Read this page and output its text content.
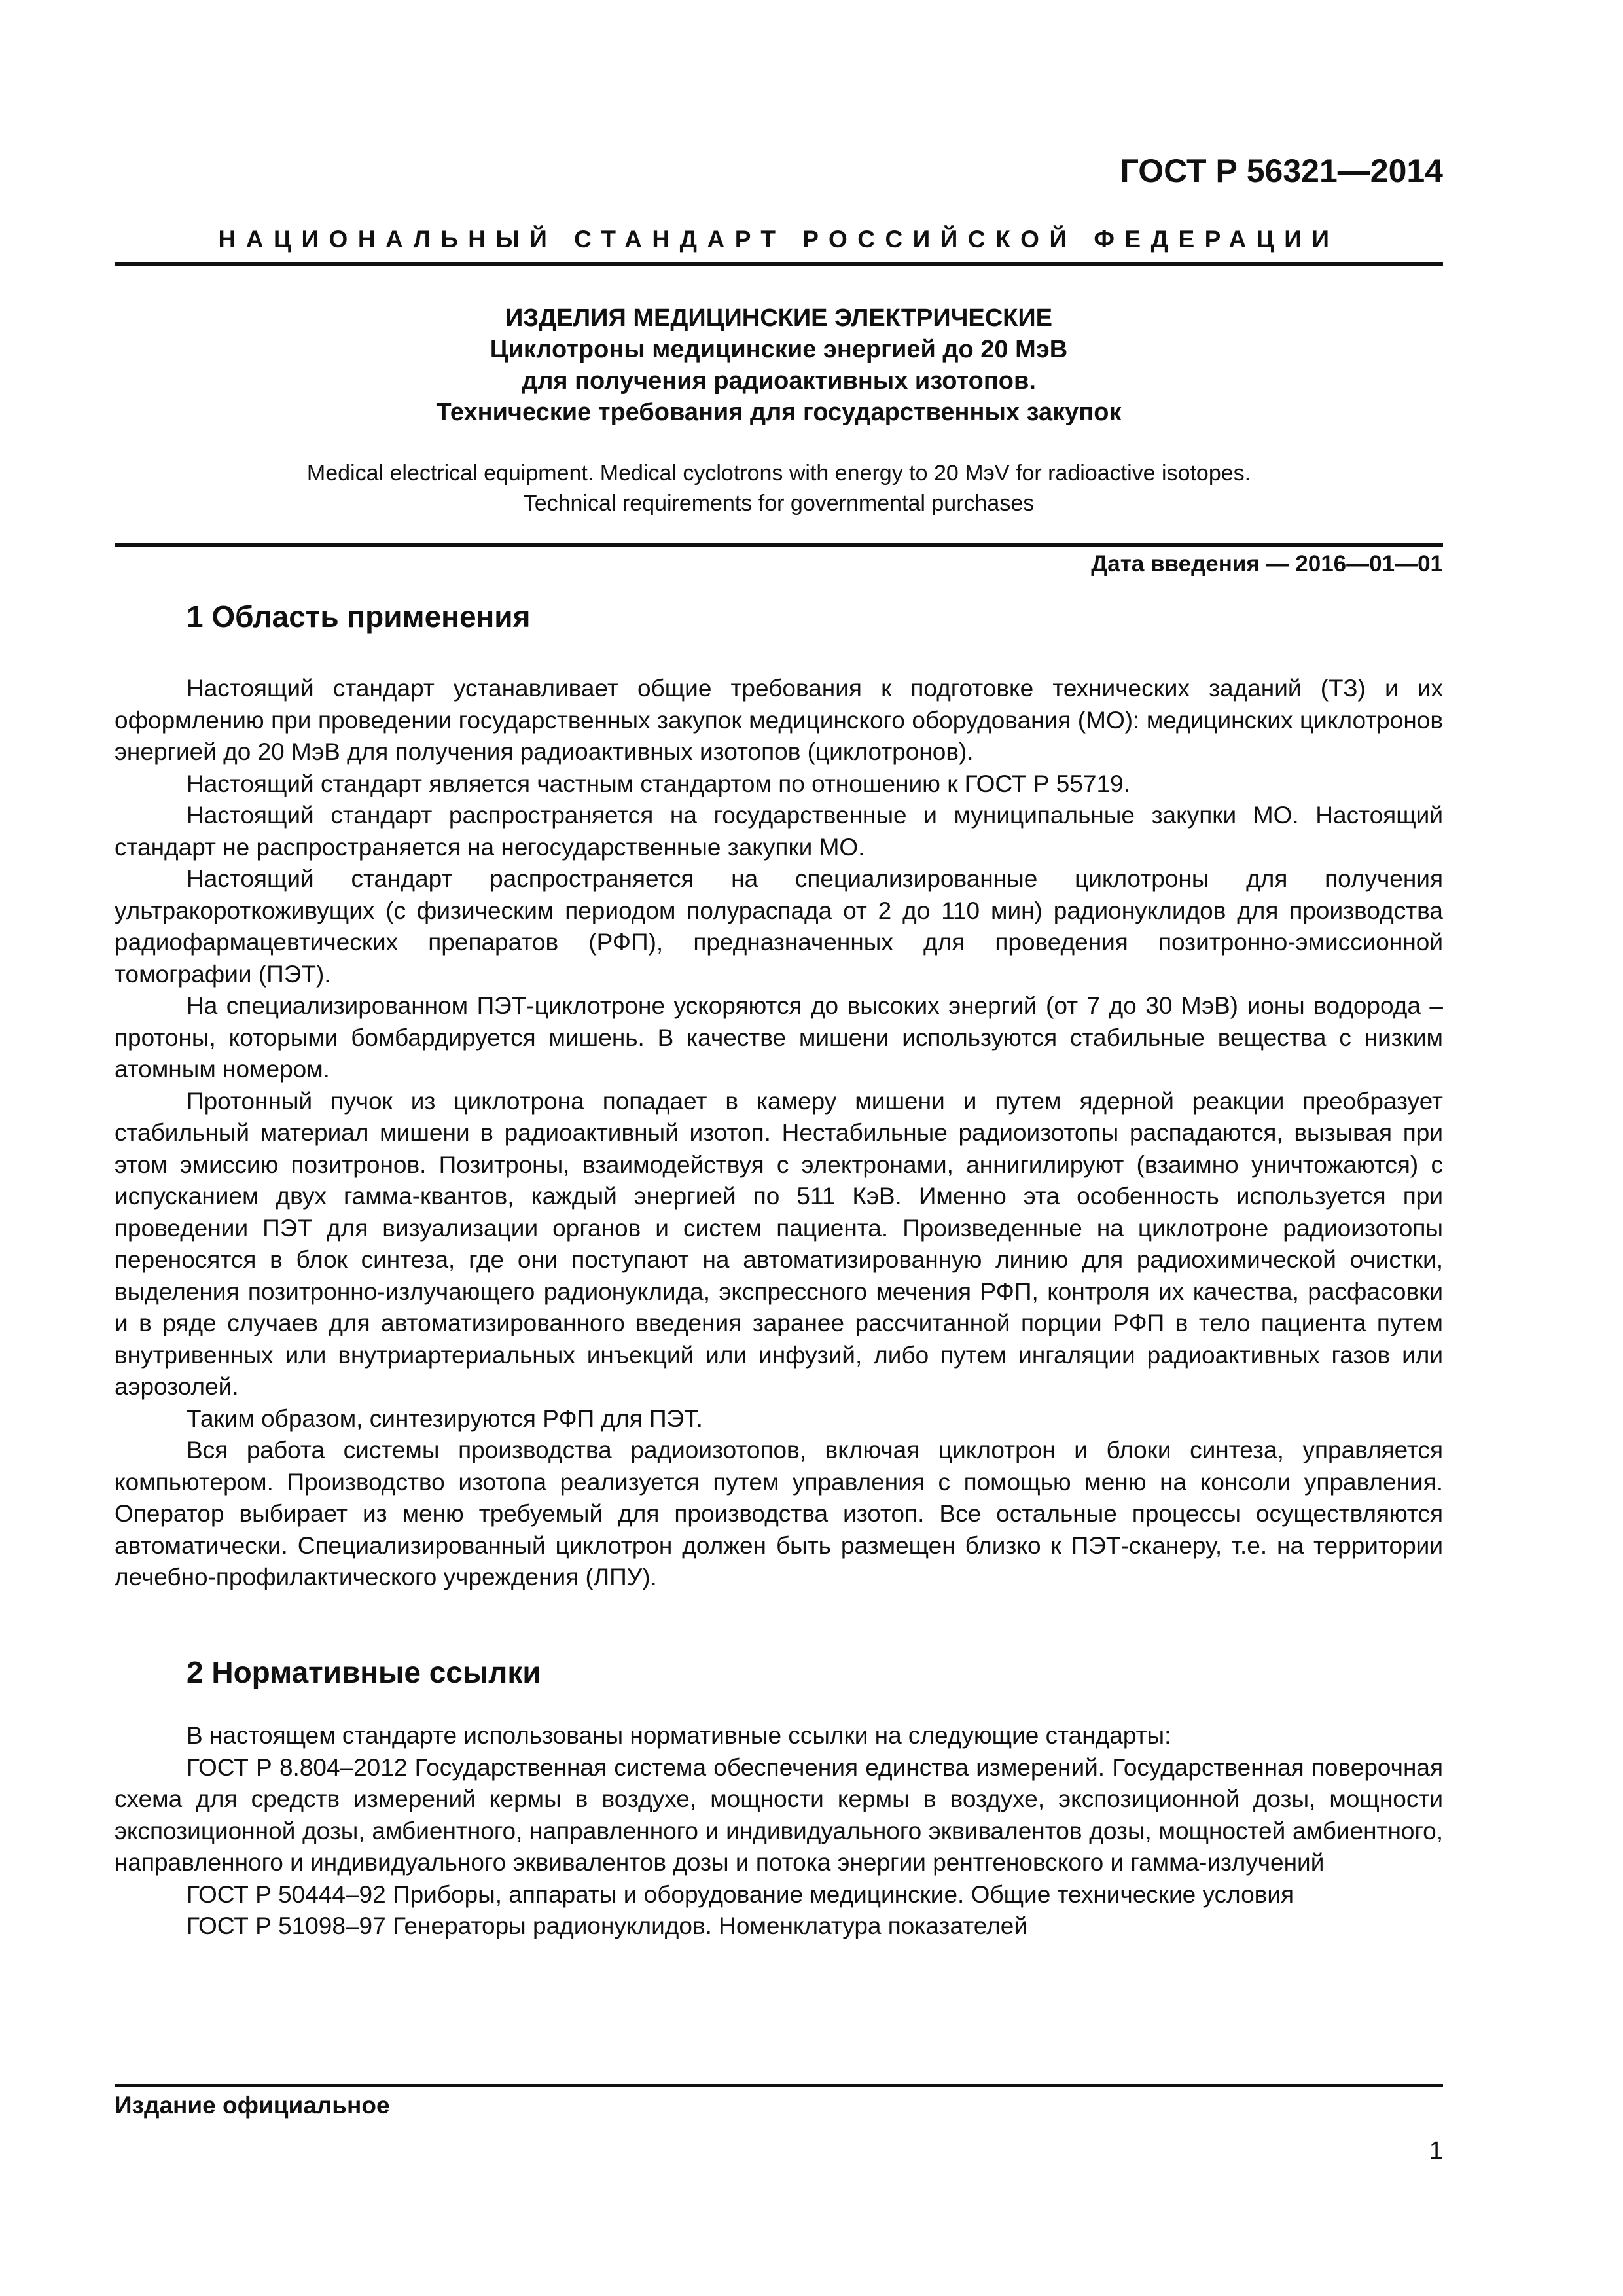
ГОСТ Р 56321—2014
НАЦИОНАЛЬНЫЙ СТАНДАРТ РОССИЙСКОЙ ФЕДЕРАЦИИ
ИЗДЕЛИЯ МЕДИЦИНСКИЕ ЭЛЕКТРИЧЕСКИЕ
Циклотроны медицинские энергией до 20 МэВ
для получения радиоактивных изотопов.
Технические требования для государственных закупок
Medical electrical equipment. Medical cyclotrons with energy to 20 MэV for radioactive isotopes.
Technical requirements for governmental purchases
Дата введения — 2016—01—01
1 Область применения

Настоящий стандарт устанавливает общие требования к подготовке технических заданий (ТЗ) и их оформлению при проведении государственных закупок медицинского оборудования (МО): медицинских циклотронов энергией до 20 МэВ для получения радиоактивных изотопов (циклотронов).

Настоящий стандарт является частным стандартом по отношению к ГОСТ Р 55719.

Настоящий стандарт распространяется на государственные и муниципальные закупки МО. Настоящий стандарт не распространяется на негосударственные закупки МО.

Настоящий стандарт распространяется на специализированные циклотроны для получения ультракороткоживущих (с физическим периодом полураспада от 2 до 110 мин) радионуклидов для производства радиофармацевтических препаратов (РФП), предназначенных для проведения позитронно-эмиссионной томографии (ПЭТ).

На специализированном ПЭТ-циклотроне ускоряются до высоких энергий (от 7 до 30 МэВ) ионы водорода – протоны, которыми бомбардируется мишень. В качестве мишени используются стабильные вещества с низким атомным номером.

Протонный пучок из циклотрона попадает в камеру мишени и путем ядерной реакции преобразует стабильный материал мишени в радиоактивный изотоп. Нестабильные радиоизотопы распадаются, вызывая при этом эмиссию позитронов. Позитроны, взаимодействуя с электронами, аннигилируют (взаимно уничтожаются) с испусканием двух гамма-квантов, каждый энергией по 511 КэВ. Именно эта особенность используется при проведении ПЭТ для визуализации органов и систем пациента. Произведенные на циклотроне радиоизотопы переносятся в блок синтеза, где они поступают на автоматизированную линию для радиохимической очистки, выделения позитронно-излучающего радионуклида, экспрессного мечения РФП, контроля их качества, расфасовки и в ряде случаев для автоматизированного введения заранее рассчитанной порции РФП в тело пациента путем внутривенных или внутриартериальных инъекций или инфузий, либо путем ингаляции радиоактивных газов или аэрозолей.

Таким образом, синтезируются РФП для ПЭТ.

Вся работа системы производства радиоизотопов, включая циклотрон и блоки синтеза, управляется компьютером. Производство изотопа реализуется путем управления с помощью меню на консоли управления. Оператор выбирает из меню требуемый для производства изотоп. Все остальные процессы осуществляются автоматически. Специализированный циклотрон должен быть размещен близко к ПЭТ-сканеру, т.е. на территории лечебно-профилактического учреждения (ЛПУ).

2 Нормативные ссылки

В настоящем стандарте использованы нормативные ссылки на следующие стандарты:

ГОСТ Р 8.804–2012 Государственная система обеспечения единства измерений. Государственная поверочная схема для средств измерений кермы в воздухе, мощности кермы в воздухе, экспозиционной дозы, мощности экспозиционной дозы, амбиентного, направленного и индивидуального эквивалентов дозы, мощностей амбиентного, направленного и индивидуального эквивалентов дозы и потока энергии рентгеновского и гамма-излучений

ГОСТ Р 50444–92 Приборы, аппараты и оборудование медицинские. Общие технические условия

ГОСТ Р 51098–97 Генераторы радионуклидов. Номенклатура показателей

Издание официальное
1
